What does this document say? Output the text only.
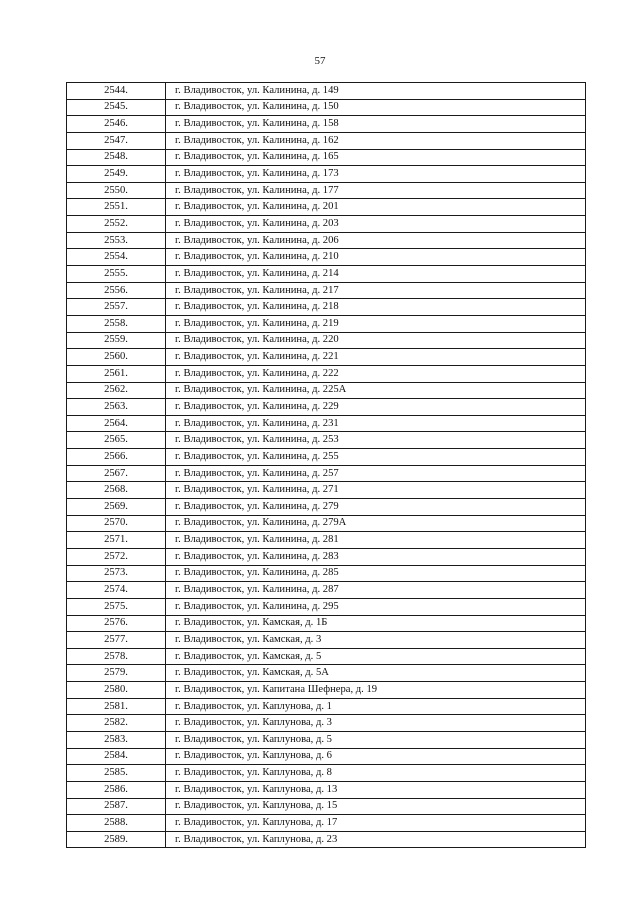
57
2544.	г. Владивосток, ул. Калинина, д. 149
2545.	г. Владивосток, ул. Калинина, д. 150
2546.	г. Владивосток, ул. Калинина, д. 158
2547.	г. Владивосток, ул. Калинина, д. 162
2548.	г. Владивосток, ул. Калинина, д. 165
2549.	г. Владивосток, ул. Калинина, д. 173
2550.	г. Владивосток, ул. Калинина, д. 177
2551.	г. Владивосток, ул. Калинина, д. 201
2552.	г. Владивосток, ул. Калинина, д. 203
2553.	г. Владивосток, ул. Калинина, д. 206
2554.	г. Владивосток, ул. Калинина, д. 210
2555.	г. Владивосток, ул. Калинина, д. 214
2556.	г. Владивосток, ул. Калинина, д. 217
2557.	г. Владивосток, ул. Калинина, д. 218
2558.	г. Владивосток, ул. Калинина, д. 219
2559.	г. Владивосток, ул. Калинина, д. 220
2560.	г. Владивосток, ул. Калинина, д. 221
2561.	г. Владивосток, ул. Калинина, д. 222
2562.	г. Владивосток, ул. Калинина, д. 225А
2563.	г. Владивосток, ул. Калинина, д. 229
2564.	г. Владивосток, ул. Калинина, д. 231
2565.	г. Владивосток, ул. Калинина, д. 253
2566.	г. Владивосток, ул. Калинина, д. 255
2567.	г. Владивосток, ул. Калинина, д. 257
2568.	г. Владивосток, ул. Калинина, д. 271
2569.	г. Владивосток, ул. Калинина, д. 279
2570.	г. Владивосток, ул. Калинина, д. 279А
2571.	г. Владивосток, ул. Калинина, д. 281
2572.	г. Владивосток, ул. Калинина, д. 283
2573.	г. Владивосток, ул. Калинина, д. 285
2574.	г. Владивосток, ул. Калинина, д. 287
2575.	г. Владивосток, ул. Калинина, д. 295
2576.	г. Владивосток, ул. Камская, д. 1Б
2577.	г. Владивосток, ул. Камская, д. 3
2578.	г. Владивосток, ул. Камская, д. 5
2579.	г. Владивосток, ул. Камская, д. 5А
2580.	г. Владивосток, ул. Капитана Шефнера, д. 19
2581.	г. Владивосток, ул. Каплунова, д. 1
2582.	г. Владивосток, ул. Каплунова, д. 3
2583.	г. Владивосток, ул. Каплунова, д. 5
2584.	г. Владивосток, ул. Каплунова, д. 6
2585.	г. Владивосток, ул. Каплунова, д. 8
2586.	г. Владивосток, ул. Каплунова, д. 13
2587.	г. Владивосток, ул. Каплунова, д. 15
2588.	г. Владивосток, ул. Каплунова, д. 17
2589.	г. Владивосток, ул. Каплунова, д. 23
